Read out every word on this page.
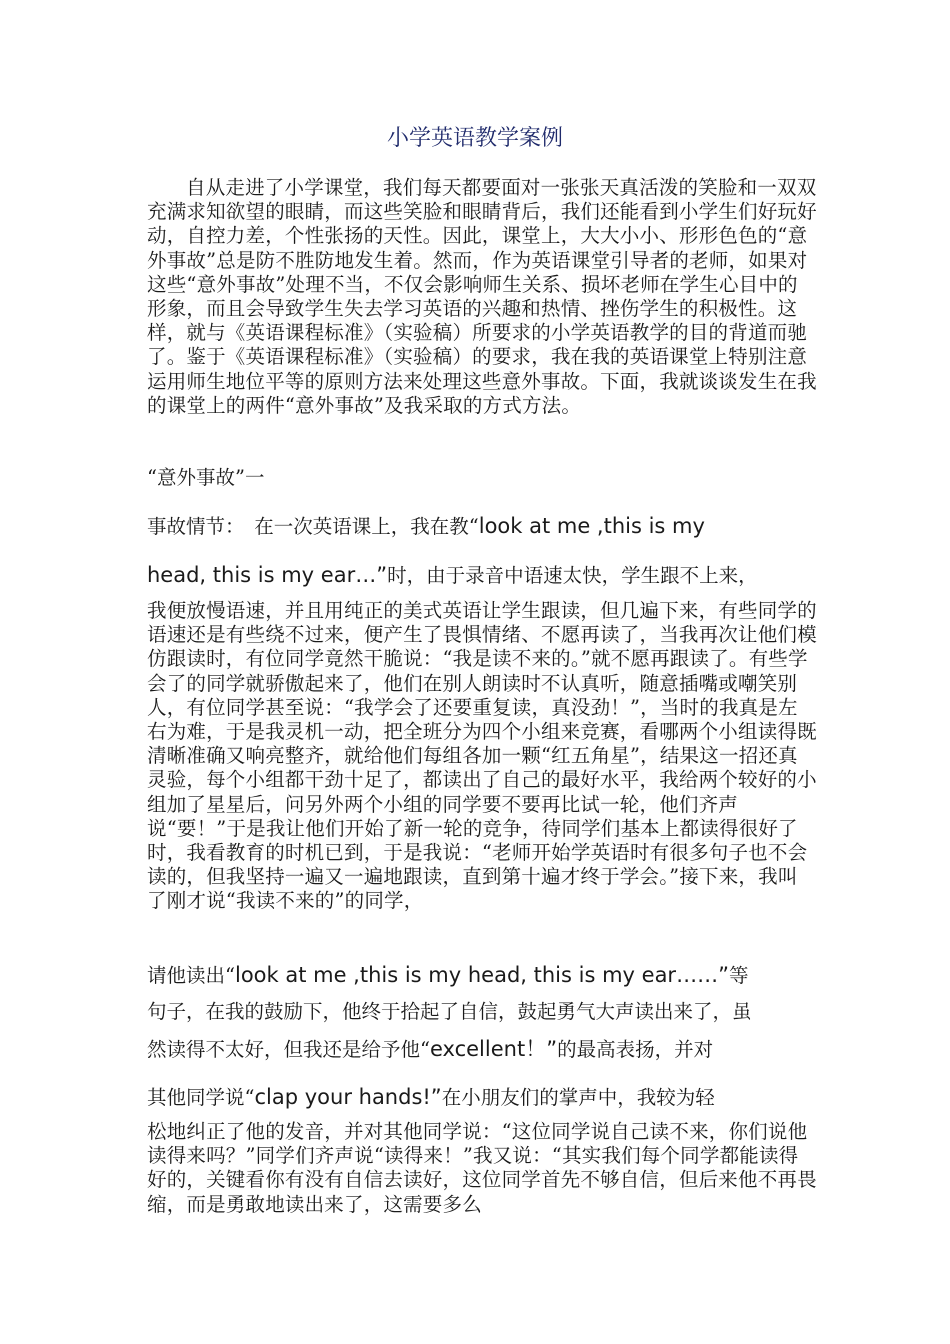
小学英语教学案例

自从走进了小学课堂，我们每天都要面对一张张天真活泼的笑脸和一双双充满求知欲望的眼睛，而这些笑脸和眼睛背后，我们还能看到小学生们好玩好动，自控力差，个性张扬的天性。因此，课堂上，大大小小、形形色色的“意外事故”总是防不胜防地发生着。然而，作为英语课堂引导者的老师，如果对这些“意外事故”处理不当，不仅会影响师生关系、损坏老师在学生心目中的形象，而且会导致学生失去学习英语的兴趣和热情、挫伤学生的积极性。这样，就与《英语课程标准》（实验稿）所要求的小学英语教学的目的背道而驰了。鉴于《英语课程标准》（实验稿）的要求，我在我的英语课堂上特别注意运用师生地位平等的原则方法来处理这些意外事故。下面，我就谈谈发生在我的课堂上的两件“意外事故”及我采取的方式方法。

“意外事故”一

事故情节：　在一次英语课上，我在教“look at me ,this is my

head, this is my ear…”时，由于录音中语速太快，学生跟不上来，

我便放慢语速，并且用纯正的美式英语让学生跟读，但几遍下来，有些同学的语速还是有些绕不过来，便产生了畏惧情绪、不愿再读了，当我再次让他们模仿跟读时，有位同学竟然干脆说：“我是读不来的。”就不愿再跟读了。有些学会了的同学就骄傲起来了，他们在别人朗读时不认真听，随意插嘴或嘲笑别人，有位同学甚至说：“我学会了还要重复读，真没劲！”，当时的我真是左右为难，于是我灵机一动，把全班分为四个小组来竞赛，看哪两个小组读得既清晰准确又响亮整齐，就给他们每组各加一颗“红五角星”，结果这一招还真灵验，每个小组都干劲十足了，都读出了自己的最好水平，我给两个较好的小组加了星星后，问另外两个小组的同学要不要再比试一轮，他们齐声说“要！”于是我让他们开始了新一轮的竞争，待同学们基本上都读得很好了时，我看教育的时机已到，于是我说：“老师开始学英语时有很多句子也不会读的，但我坚持一遍又一遍地跟读，直到第十遍才终于学会。”接下来，我叫了刚才说“我读不来的”的同学，

请他读出“look at me ,this is my head, this is my ear……”等

句子，在我的鼓励下，他终于拾起了自信，鼓起勇气大声读出来了，虽

然读得不太好，但我还是给予他“excellent！”的最高表扬，并对

其他同学说“clap your hands!”在小朋友们的掌声中，我较为轻

松地纠正了他的发音，并对其他同学说：“这位同学说自己读不来，你们说他读得来吗？”同学们齐声说“读得来！”我又说：“其实我们每个同学都能读得好的，关键看你有没有自信去读好，这位同学首先不够自信，但后来他不再畏缩，而是勇敢地读出来了，这需要多么
